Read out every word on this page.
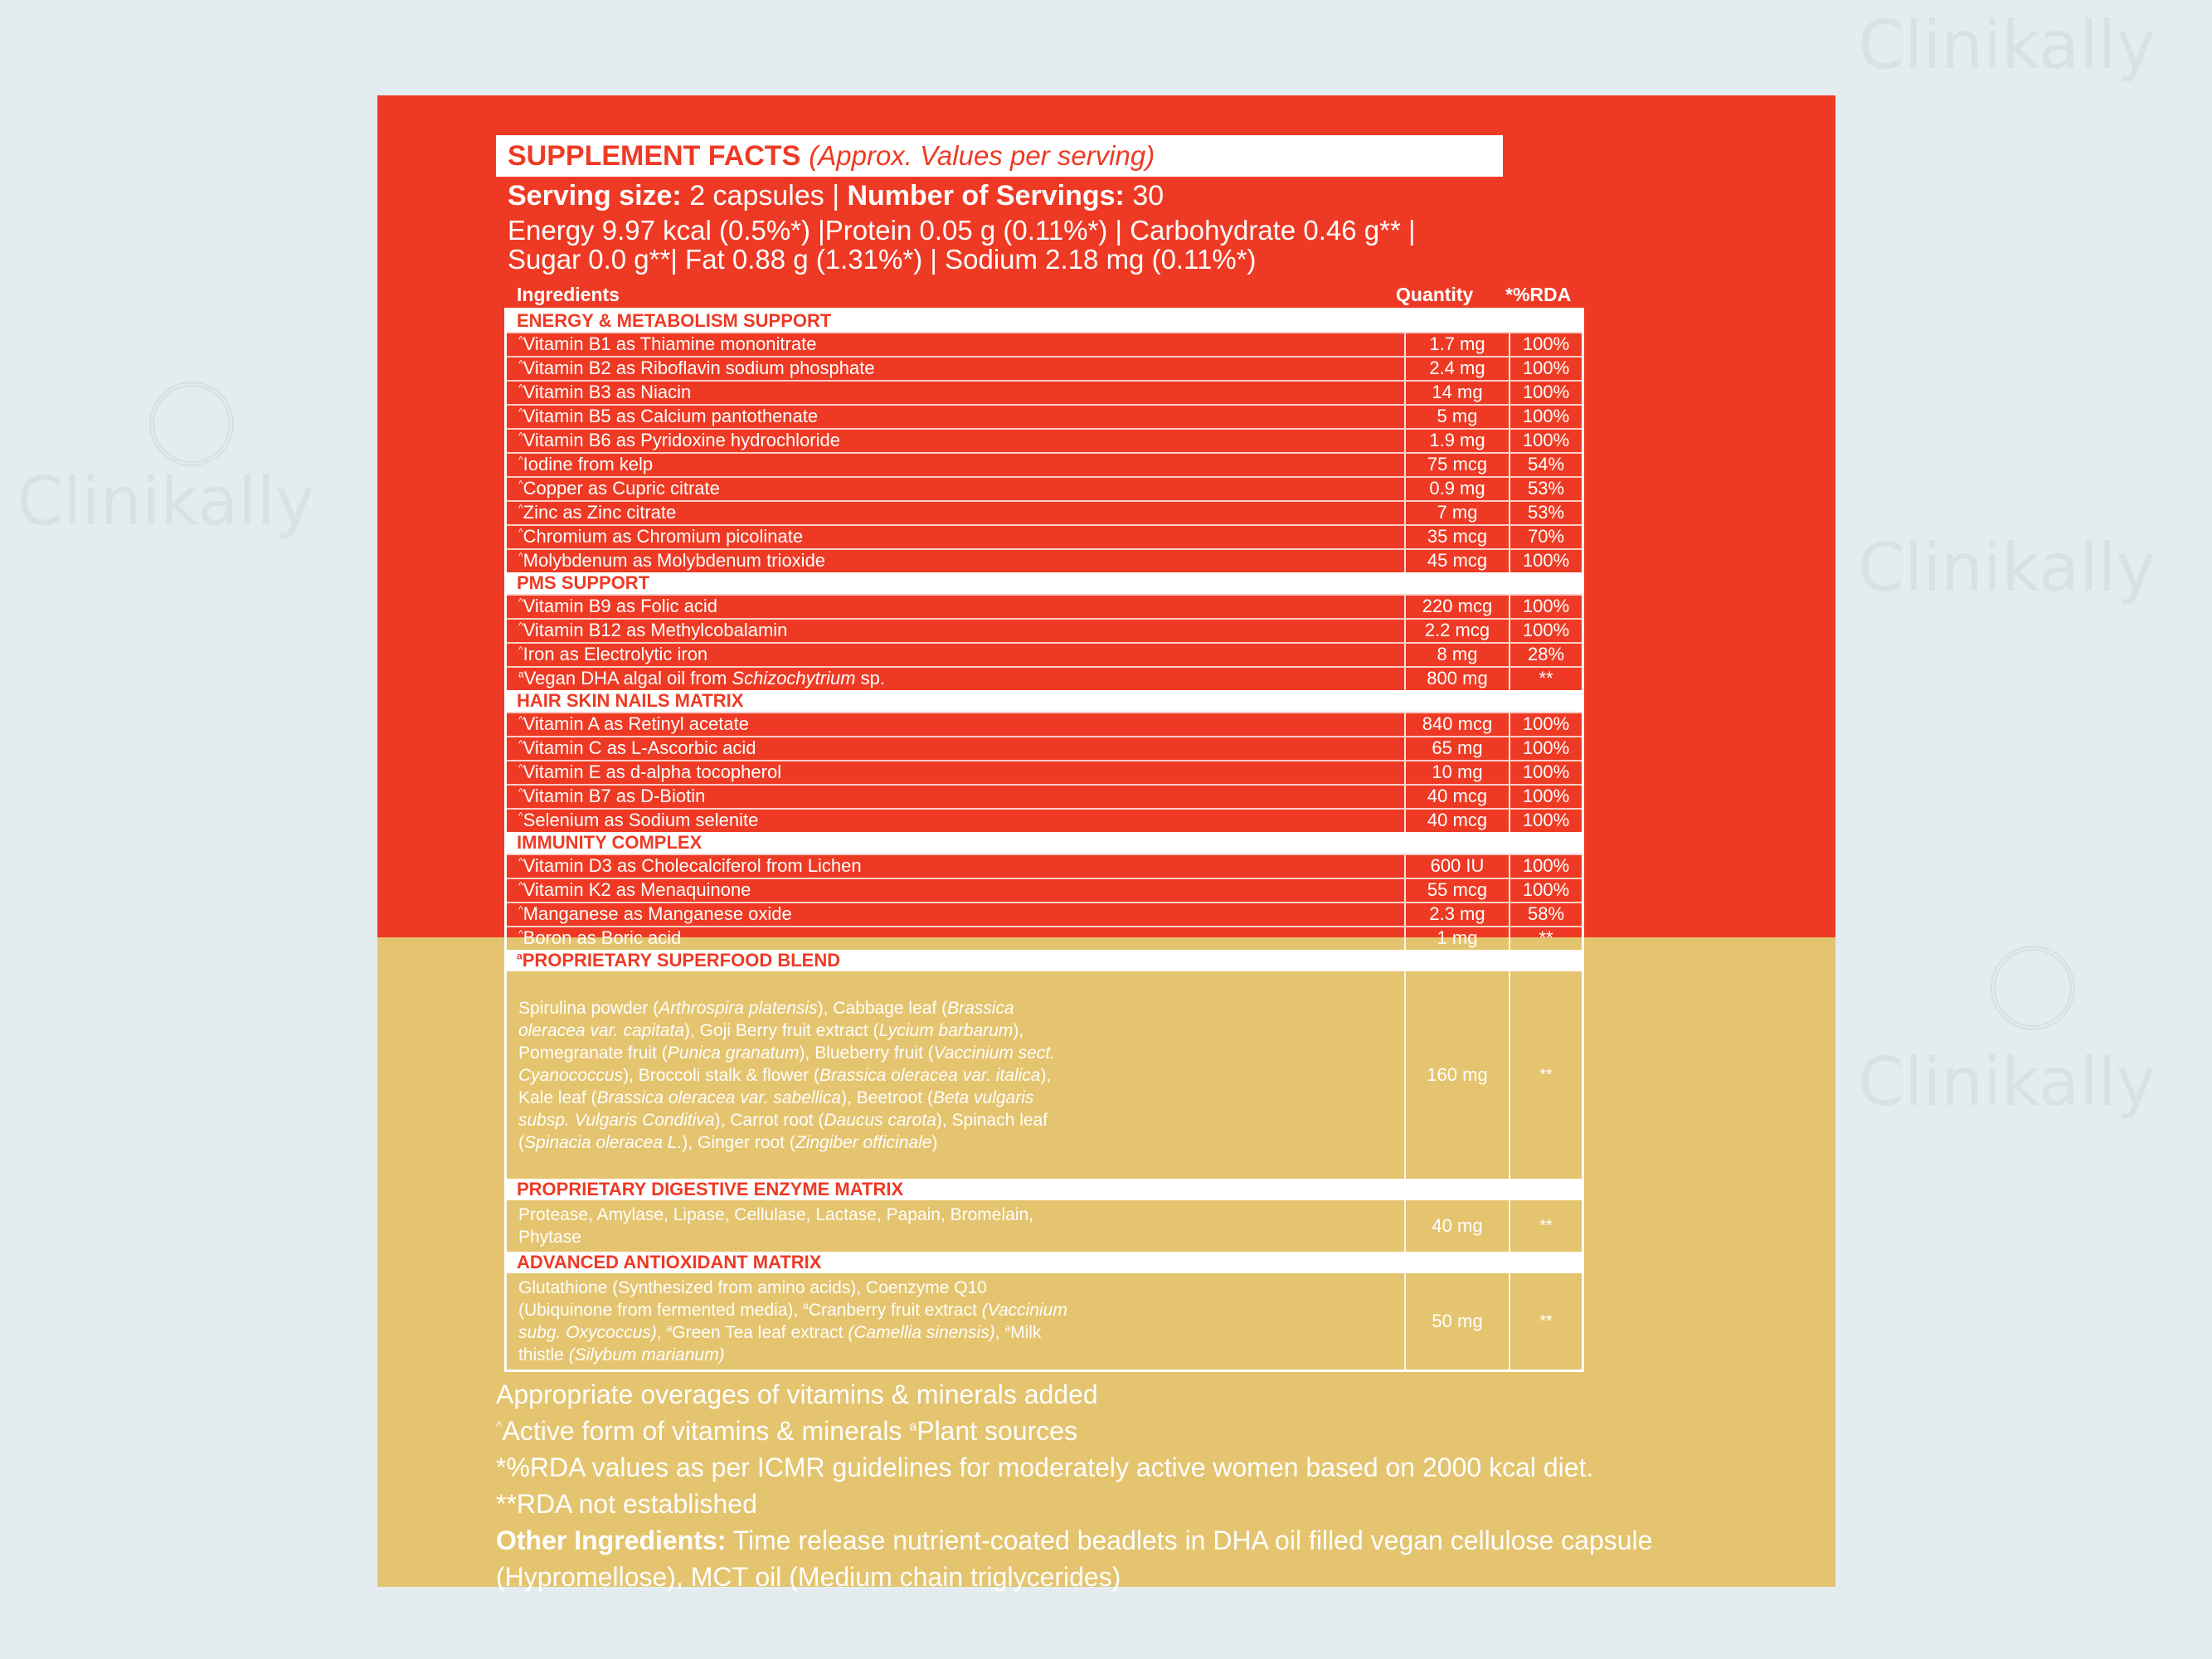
Clinikally
Clinikally
Clinikally
Clinikally
SUPPLEMENT FACTS (Approx. Values per serving)
Serving size: 2 capsules | Number of Servings: 30
Energy 9.97 kcal (0.5%*) |Protein 0.05 g (0.11%*) | Carbohydrate 0.46 g** |
Sugar 0.0 g**| Fat 0.88 g (1.31%*) | Sodium 2.18 mg (0.11%*)
Ingredients	Quantity *%RDA
ENERGY & METABOLISM SUPPORT
^Vitamin B1 as Thiamine mononitrate	1.7 mg	100%
^Vitamin B2 as Riboflavin sodium phosphate	2.4 mg	100%
^Vitamin B3 as Niacin	14 mg	100%
^Vitamin B5 as Calcium pantothenate	5 mg	100%
^Vitamin B6 as Pyridoxine hydrochloride	1.9 mg	100%
^Iodine from kelp	75 mcg	54%
^Copper as Cupric citrate	0.9 mg	53%
^Zinc as Zinc citrate	7 mg	53%
^Chromium as Chromium picolinate	35 mcg	70%
^Molybdenum as Molybdenum trioxide	45 mcg	100%
PMS SUPPORT
^Vitamin B9 as Folic acid	220 mcg	100%
^Vitamin B12 as Methylcobalamin	2.2 mcg	100%
^Iron as Electrolytic iron	8 mg	28%
$^a$Vegan DHA algal oil from Schizochytrium sp.	800 mg	**
HAIR SKIN NAILS MATRIX
^Vitamin A as Retinyl acetate	840 mcg	100%
^Vitamin C as L-Ascorbic acid	65 mg	100%
^Vitamin E as d-alpha tocopherol	10 mg	100%
^Vitamin B7 as D-Biotin	40 mcg	100%
^Selenium as Sodium selenite	40 mcg	100%
IMMUNITY COMPLEX
^Vitamin D3 as Cholecalciferol from Lichen	600 IU	100%
^Vitamin K2 as Menaquinone	55 mcg	100%
^Manganese as Manganese oxide	2.3 mg	58%
^Boron as Boric acid	1 mg	**
$^a$PROPRIETARY SUPERFOOD BLEND
Spirulina powder (Arthrospira platensis), Cabbage leaf (Brassica oleracea var. capitata), Goji Berry fruit extract (Lycium barbarum), Pomegranate fruit (Punica granatum), Blueberry fruit (Vaccinium sect. Cyanococcus), Broccoli stalk & flower (Brassica oleracea var. italica), Kale leaf (Brassica oleracea var. sabellica), Beetroot (Beta vulgaris subsp. Vulgaris Conditiva), Carrot root (Daucus carota), Spinach leaf (Spinacia oleracea L.), Ginger root (Zingiber officinale)
160 mg	**
PROPRIETARY DIGESTIVE ENZYME MATRIX
Protease, Amylase, Lipase, Cellulase, Lactase, Papain, Bromelain, Phytase
40 mg	**
ADVANCED ANTIOXIDANT MATRIX
Glutathione (Synthesized from amino acids), Coenzyme Q10 (Ubiquinone from fermented media), $^a$Cranberry fruit extract (Vaccinium subg. Oxycoccus), $^a$Green Tea leaf extract (Camellia sinensis), $^a$Milk thistle (Silybum marianum)
50 mg	**
Appropriate overages of vitamins & minerals added
^Active form of vitamins & minerals $^a$Plant sources
*%RDA values as per ICMR guidelines for moderately active women based on 2000 kcal diet.
**RDA not established
Other Ingredients: Time release nutrient-coated beadlets in DHA oil filled vegan cellulose capsule
(Hypromellose), MCT oil (Medium chain triglycerides)
